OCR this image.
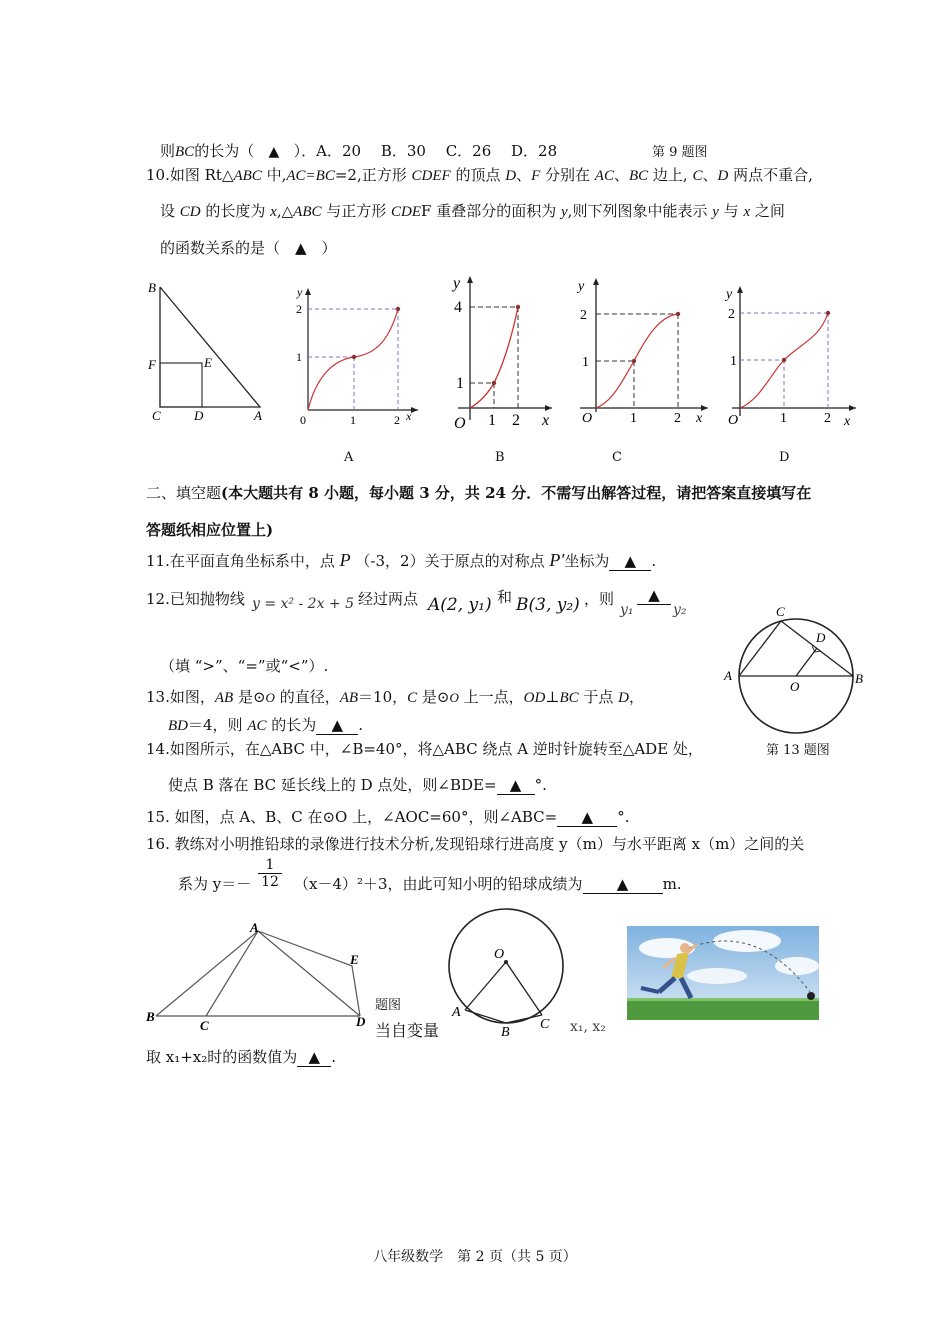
则BC的长为（ ▲ ）．A．20　 B．30　 C．26　 D．28	第 9 题图
10.如图 Rt△ABC 中,AC=BC=2,正方形 CDEF 的顶点 D、F 分别在 AC、BC 边上, C、D 两点不重合,
设 CD 的长度为 x,△ABC 与正方形 CDEF 重叠部分的面积为 y,则下列图象中能表示 y 与 x 之间
的函数关系的是（　▲　）
B
F	E
C	D	A
y
2
1
0	1	2 x
y
4
1
O 1 2 x
y
2
1
O	1	2 x
y
2
1
O	1	2 x
A	B	C	D
二、填空题(本大题共有 8 小题，每小题 3 分，共 24 分．不需写出解答过程，请把答案直接填写在
答题纸相应位置上)
11.在平面直角坐标系中，点 P （-3，2）关于原点的对称点 P′坐标为 ▲ .
12.已知抛物线 y = x² - 2x + 5 经过两点 A(2, y₁) 和 B(3, y₂) ，则
y₁
▲
y₂
（填 “>”、“=”或“<”）.
C
D
A
O
B
第 13 题图
13.如图，AB 是⊙O 的直径，AB＝10，C 是⊙O 上一点，OD⊥BC 于点 D，
BD＝4，则 AC 的长为 ▲ .
14.如图所示，在△ABC 中，∠B=40°，将△ABC 绕点 A 逆时针旋转至△ADE 处，
使点 B 落在 BC 延长线上的 D 点处，则∠BDE= ▲ °.
15. 如图，点 A、B、C 在⊙O 上，∠AOC=60°，则∠ABC= ▲ °.
16. 教练对小明推铅球的录像进行技术分析,发现铅球行进高度 y（m）与水平距离 x（m）之间的关
系为 $y=- \frac{1}{12} (x-4)^2+3$，由此可知小明的铅球成绩为 ▲ m.
A
E
B
C	D
O
A
B
C
题图
当自变量	x₁, x₂
取 x₁+x₂时的函数值为 ▲ .
八年级数学　第 2 页（共 5 页）
